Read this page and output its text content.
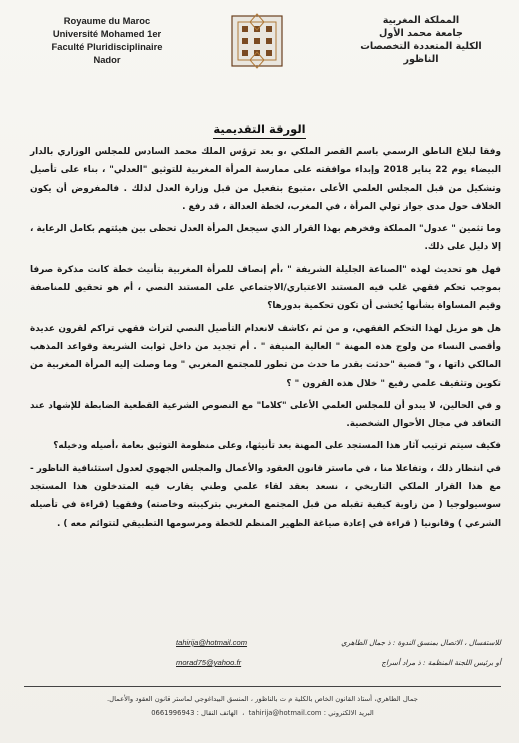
Royaume du Maroc
Université Mohamed 1er
Faculté Pluridisciplinaire
Nador
المملكة المغربية
جامعة محمد الأول
الكلية المتعددة التخصصات
الناظور
الورقة التقديمية

وفقا لبلاغ الناطق الرسمي باسم القصر الملكي ،و بعد ترؤس الملك محمد السادس للمجلس الوزاري بالدار البيضاء يوم 22 يناير 2018 وإبداء موافقته على ممارسة المرأة المغربية للتوثيق "العدلي" ، بناء على تأصيل وتشكيل من قبل المجلس العلمي الأعلى ،متبوع بتفعيل من قبل وزارة العدل لذلك . فالمفروض أن يكون الخلاف حول مدى جواز تولي المرأة ، في المغرب، لخطة العدالة ، قد رفع .

وما تثمين " عدول" المملكة وفخرهم بهذا القرار الذي سيجعل المرأة العدل تحظى بين هيئتهم بكامل الرعاية ، إلا دليل على ذلك.

فهل هو تحديث لهذه "الصناعة الجليلة الشريفة " ،أم إنصاف للمرأة المغربية بتأنيث خطة كانت مذكرة صرفا بموجب تحكم فقهي غلب فيه المستند الاعتباري/الاجتماعي على المستند النصي ، أم هو تحقيق للمناصفة وقيم المساواة بشأنها يُخشى أن تكون تحكمية بدورها؟

هل هو مزيل لهذا التحكم الفقهي، و من ثم ،كاشف لانعدام التأصيل النصي لتراث فقهي تراكم لقرون عديدة وأقصى النساء من ولوج هذه المهنة " العالية المنيفة " . أم تجديد من داخل ثوابت الشريعة وقواعد المذهب المالكي ذاتها ، و" قضية "حدثت بقدر ما حدث من تطور للمجتمع المغربي " وما وصلت إليه المرأة المغربية من تكوين وتثقيف علمي رفيع " خلال هذه القرون " ؟

و في الحالين، لا يبدو أن للمجلس العلمي الأعلى "كلاما" مع النصوص الشرعية القطعية الضابطة للإشهاد عند التعاقد في مجال الأحوال الشخصية.

فكيف سيتم ترتيب آثار هذا المستجد على المهنة بعد تأنيثها، وعلى منظومة التوثيق بعامة ،أصيله ودخيله؟

في انتظار ذلك ، وتفاعلا منا ، في ماستر قانون العقود والأعمال والمجلس الجهوي لعدول استئنافية الناظور - مع هذا القرار الملكي التاريخي ، نسعد بعقد لقاء علمي وطني يقارب فيه المتدخلون هذا المستجد سوسيولوجيا ( من زاوية كيفية تقبله من قبل المجتمع المغربي بتركيبته وخاصته) وفقهيا (قراءة في تأصيله الشرعي ) وقانونيا ( قراءة في إعادة صياغة الظهير المنظم للخطة ومرسومها التطبيقي لتتوائم معه ) .

tahirija@hotmail.com	للاستفسال ، الاتصال بمنسق الندوة : ذ جمال الطاهري
morad75@yahoo.fr	أو برئيس اللجنة المنظمة : ذ مراد أسراج
جمال الطاهري، أستاذ القانون الخاص بالكلية م ت بالناظور ، المنسق البيداغوجي لماستر قانون العقود والأعمال.
البريد الالكتروني : tahirija@hotmail.com  ،  الهاتف النقال : 0661996943
